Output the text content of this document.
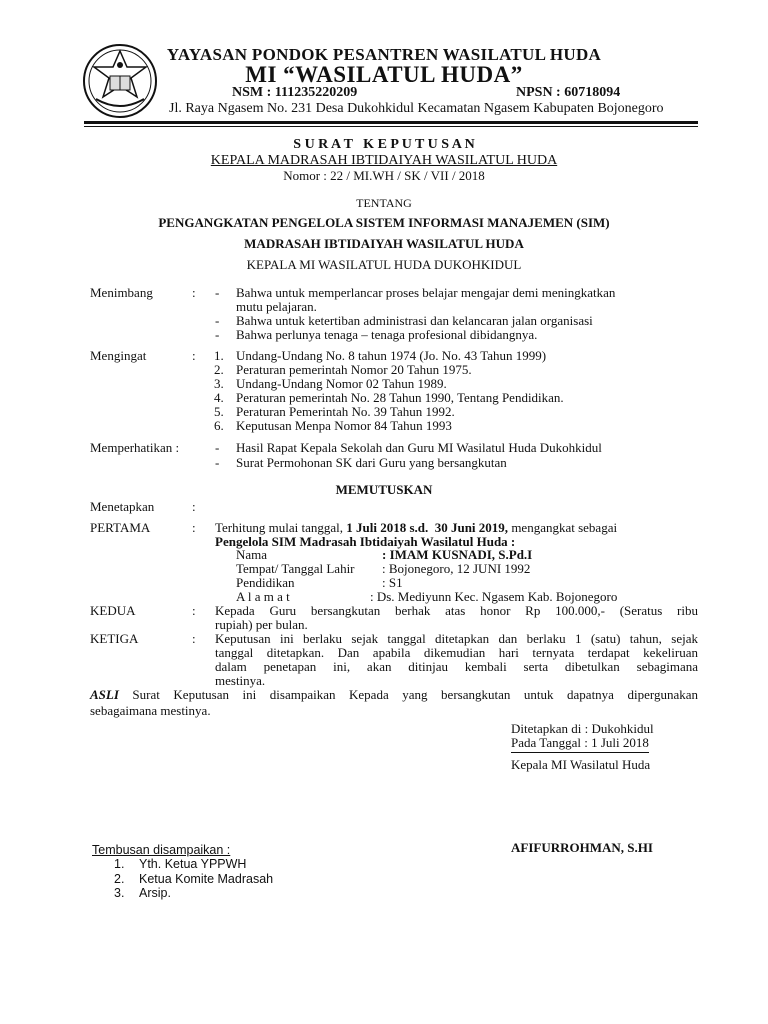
YAYASAN PONDOK PESANTREN WASILATUL HUDA
MI “WASILATUL HUDA”
NSM : 111235220209	NPSN : 60718094
Jl. Raya Ngasem No. 231 Desa Dukohkidul Kecamatan Ngasem Kabupaten Bojonegoro
S U R A T   K E P U T U S A N
KEPALA MADRASAH IBTIDAIYAH WASILATUL HUDA
Nomor : 22 / MI.WH / SK / VII / 2018
TENTANG
PENGANGKATAN PENGELOLA SISTEM INFORMASI MANAJEMEN (SIM)
MADRASAH IBTIDAIYAH WASILATUL HUDA
KEPALA MI WASILATUL HUDA DUKOHKIDUL
Menimbang	: - Bahwa untuk memperlancar proses belajar mengajar demi meningkatkan
mutu pelajaran.
- Bahwa untuk ketertiban administrasi dan kelancaran jalan organisasi
- Bahwa perlunya tenaga – tenaga profesional dibidangnya.
Mengingat	: 1. Undang-Undang No. 8 tahun 1974 (Jo. No. 43 Tahun 1999)
2. Peraturan pemerintah Nomor 20 Tahun 1975.
3. Undang-Undang Nomor 02 Tahun 1989.
4. Peraturan pemerintah No. 28 Tahun 1990, Tentang Pendidikan.
5. Peraturan Pemerintah No. 39 Tahun 1992.
6. Keputusan Menpa Nomor 84 Tahun 1993
Memperhatikan :	- Hasil Rapat Kepala Sekolah dan Guru MI Wasilatul Huda Dukohkidul
- Surat Permohonan SK dari Guru yang bersangkutan
MEMUTUSKAN
Menetapkan	:
PERTAMA	: Terhitung mulai tanggal, 1 Juli 2018 s.d.  30 Juni 2019, mengangkat sebagai
Pengelola SIM Madrasah Ibtidaiyah Wasilatul Huda :
Nama	: IMAM KUSNADI, S.Pd.I
Tempat/ Tanggal Lahir : Bojonegoro, 12 JUNI 1992
Pendidikan	: S1
A l a m a t	: Ds. Mediyunn Kec. Ngasem Kab. Bojonegoro
KEDUA	: Kepada Guru bersangkutan berhak atas honor Rp 100.000,- (Seratus ribu
rupiah) per bulan.
KETIGA	: Keputusan ini berlaku sejak tanggal ditetapkan dan berlaku 1 (satu) tahun, sejak
tanggal ditetapkan. Dan apabila dikemudian hari ternyata terdapat kekeliruan
dalam penetapan ini, akan ditinjau kembali serta dibetulkan sebagimana
mestinya.
ASLI Surat Keputusan ini disampaikan Kepada yang bersangkutan untuk dapatnya dipergunakan
sebagaimana mestinya.
Ditetapkan di : Dukohkidul
Pada Tanggal : 1 Juli 2018
Kepala MI Wasilatul Huda
AFIFURROHMAN, S.HI
Tembusan disampaikan :
1. Yth. Ketua YPPWH
2. Ketua Komite Madrasah
3. Arsip.
